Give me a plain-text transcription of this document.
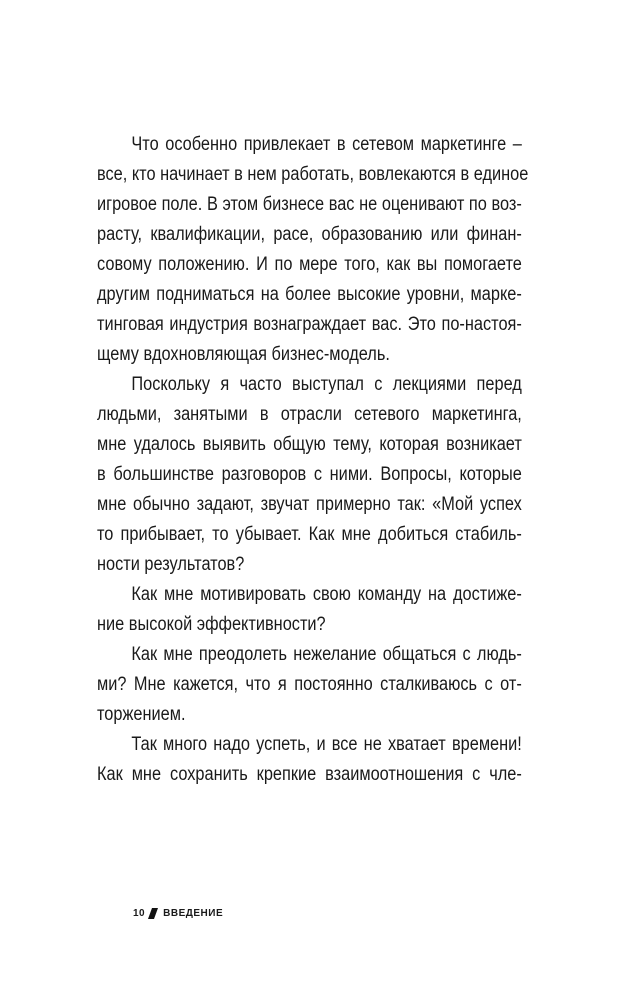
Что особенно привлекает в сетевом маркетинге –
все, кто начинает в нем работать, вовлекаются в единое
игровое поле. В этом бизнесе вас не оценивают по воз-
расту, квалификации, расе, образованию или финан-
совому положению. И по мере того, как вы помогаете
другим подниматься на более высокие уровни, марке-
тинговая индустрия вознаграждает вас. Это по-настоя-
щему вдохновляющая бизнес-модель.
Поскольку я часто выступал с лекциями перед
людьми, занятыми в отрасли сетевого маркетинга,
мне удалось выявить общую тему, которая возникает
в большинстве разговоров с ними. Вопросы, которые
мне обычно задают, звучат примерно так: «Мой успех
то прибывает, то убывает. Как мне добиться стабиль-
ности результатов?
Как мне мотивировать свою команду на достиже-
ние высокой эффективности?
Как мне преодолеть нежелание общаться с людь-
ми? Мне кажется, что я постоянно сталкиваюсь с от-
торжением.
Так много надо успеть, и все не хватает времени!
Как мне сохранить крепкие взаимоотношения с чле-
10 ВВЕДЕНИЕ
